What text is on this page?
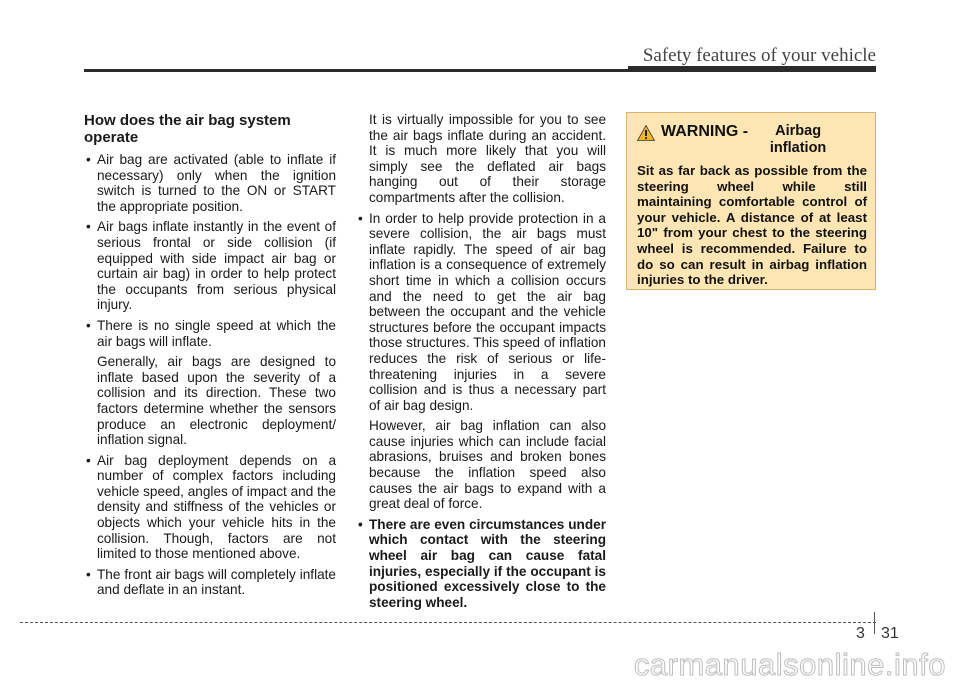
Safety features of your vehicle
How does the air bag system operate
• Air bag are activated (able to inflate if necessary) only when the ignition switch is turned to the ON or START the appropriate position.
• Air bags inflate instantly in the event of serious frontal or side collision (if equipped with side impact air bag or curtain air bag) in order to help protect the occupants from serious physical injury.
• There is no single speed at which the air bags will inflate.
Generally, air bags are designed to inflate based upon the severity of a collision and its direction. These two factors determine whether the sensors produce an electronic deployment/ inflation signal.
• Air bag deployment depends on a number of complex factors including vehicle speed, angles of impact and the density and stiffness of the vehicles or objects which your vehicle hits in the collision. Though, factors are not limited to those mentioned above.
• The front air bags will completely inflate and deflate in an instant.
It is virtually impossible for you to see the air bags inflate during an accident. It is much more likely that you will simply see the deflated air bags hanging out of their storage compartments after the collision.
• In order to help provide protection in a severe collision, the air bags must inflate rapidly. The speed of air bag inflation is a consequence of extremely short time in which a collision occurs and the need to get the air bag between the occupant and the vehicle structures before the occupant impacts those structures. This speed of inflation reduces the risk of serious or life-threatening injuries in a severe collision and is thus a necessary part of air bag design.
However, air bag inflation can also cause injuries which can include facial abrasions, bruises and broken bones because the inflation speed also causes the air bags to expand with a great deal of force.
• There are even circumstances under which contact with the steering wheel air bag can cause fatal injuries, especially if the occupant is positioned excessively close to the steering wheel.
WARNING -	Airbag inflation
Sit as far back as possible from the steering wheel while still maintaining comfortable control of your vehicle. A distance of at least 10" from your chest to the steering wheel is recommended. Failure to do so can result in airbag inflation injuries to the driver.
3 31
carmanualsonline.info
